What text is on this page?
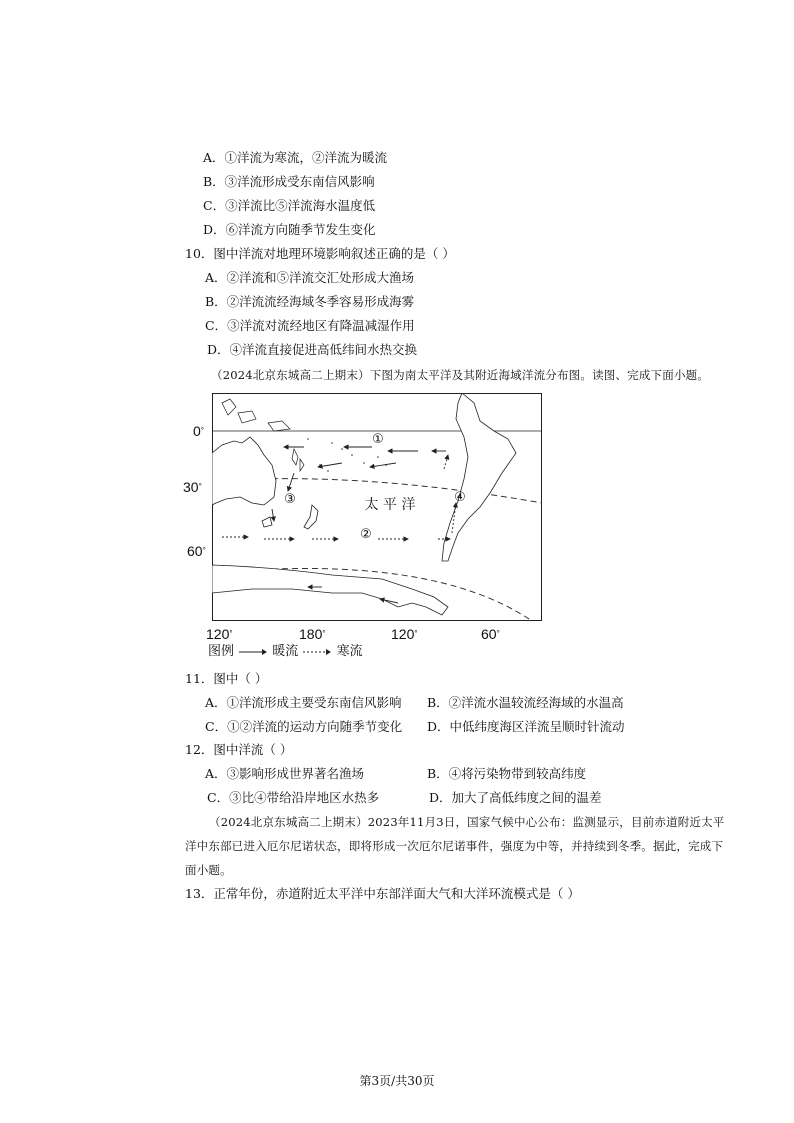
A．①洋流为寒流，②洋流为暖流
B．③洋流形成受东南信风影响
C．③洋流比⑤洋流海水温度低
D．⑥洋流方向随季节发生变化
10．图中洋流对地理环境影响叙述正确的是（ ）
A．②洋流和⑤洋流交汇处形成大渔场
B．②洋流流经海域冬季容易形成海雾
C．③洋流对流经地区有降温减湿作用
D．④洋流直接促进高低纬间水热交换
（2024北京东城高二上期末）下图为南太平洋及其附近海域洋流分布图。读图、完成下面小题。
太 平 洋
①
②
③	④
0°
30°
60°
120°	180°	120°	60°
图例	暖流	寒流
11．图中（ ）
A．①洋流形成主要受东南信风影响 B．②洋流水温较流经海域的水温高
C．①②洋流的运动方向随季节变化 D．中低纬度海区洋流呈顺时针流动
12．图中洋流（ ）
A．③影响形成世界著名渔场	B．④将污染物带到较高纬度
C．③比④带给沿岸地区水热多	D．加大了高低纬度之间的温差
（2024北京东城高二上期末）2023年11月3日，国家气候中心公布：监测显示，目前赤道附近太平
洋中东部已进入厄尔尼诺状态，即将形成一次厄尔尼诺事件，强度为中等，并持续到冬季。据此，完成下
面小题。
13．正常年份，赤道附近太平洋中东部洋面大气和大洋环流模式是（ ）
第3页/共30页
